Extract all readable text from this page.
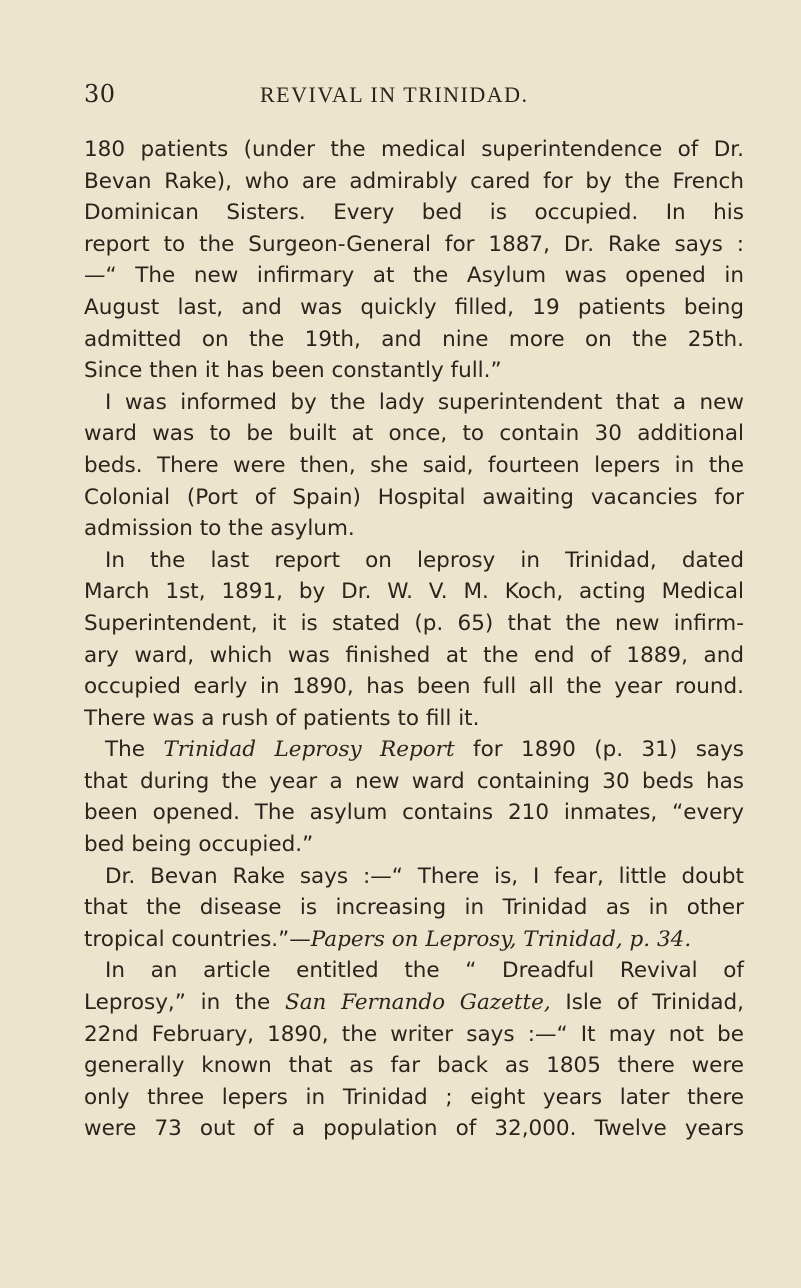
30	REVIVAL IN TRINIDAD.
180 patients (under the medical superintendence of Dr.
Bevan Rake), who are admirably cared for by the French
Dominican Sisters. Every bed is occupied. In his
report to the Surgeon-General for 1887, Dr. Rake says :
—“ The new infirmary at the Asylum was opened in
August last, and was quickly filled, 19 patients being
admitted on the 19th, and nine more on the 25th.
Since then it has been constantly full.”
I was informed by the lady superintendent that a new
ward was to be built at once, to contain 30 additional
beds. There were then, she said, fourteen lepers in the
Colonial (Port of Spain) Hospital awaiting vacancies for
admission to the asylum.
In the last report on leprosy in Trinidad, dated
March 1st, 1891, by Dr. W. V. M. Koch, acting Medical
Superintendent, it is stated (p. 65) that the new infirm-
ary ward, which was finished at the end of 1889, and
occupied early in 1890, has been full all the year round.
There was a rush of patients to fill it.
The Trinidad Leprosy Report for 1890 (p. 31) says
that during the year a new ward containing 30 beds has
been opened. The asylum contains 210 inmates, “every
bed being occupied.”
Dr. Bevan Rake says :—“ There is, I fear, little doubt
that the disease is increasing in Trinidad as in other
tropical countries.”—Papers on Leprosy, Trinidad, p. 34.
In an article entitled the “ Dreadful Revival of
Leprosy,” in the San Fernando Gazette, Isle of Trinidad,
22nd February, 1890, the writer says :—“ It may not be
generally known that as far back as 1805 there were
only three lepers in Trinidad ; eight years later there
were 73 out of a population of 32,000. Twelve years
